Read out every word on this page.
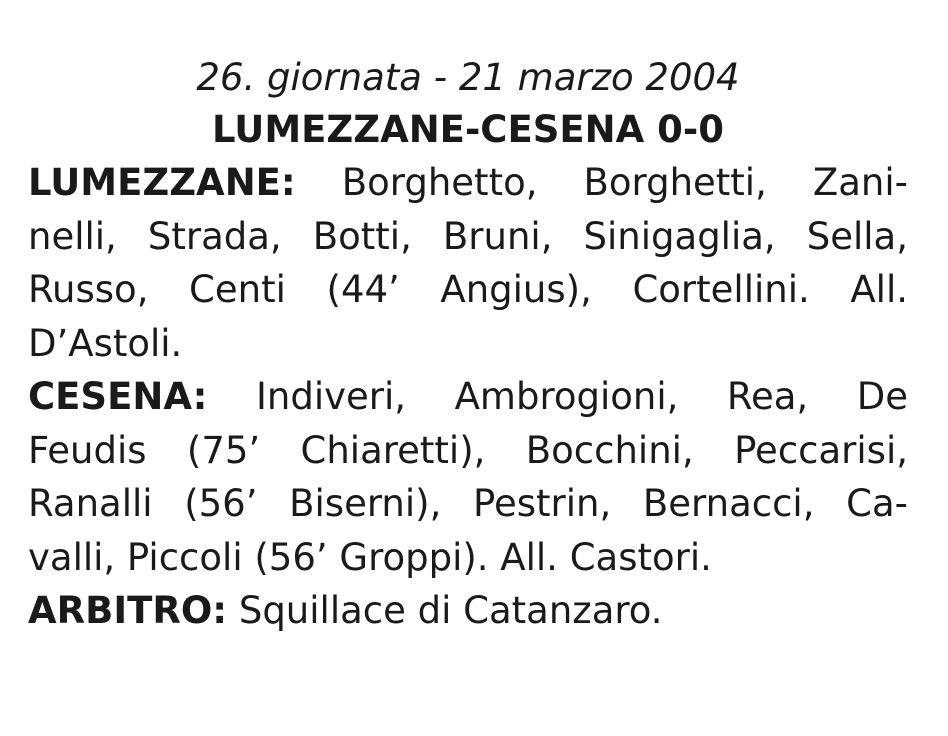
26. giornata - 21 marzo 2004

LUMEZZANE-CESENA 0-0

LUMEZZANE: Borghetto, Borghetti, Zani-
nelli, Strada, Botti, Bruni, Sinigaglia, Sella,
Russo, Centi (44’ Angius), Cortellini. All.
D’Astoli.
CESENA: Indiveri, Ambrogioni, Rea, De
Feudis (75’ Chiaretti), Bocchini, Peccarisi,
Ranalli (56’ Biserni), Pestrin, Bernacci, Ca-
valli, Piccoli (56’ Groppi). All. Castori.
ARBITRO: Squillace di Catanzaro.
